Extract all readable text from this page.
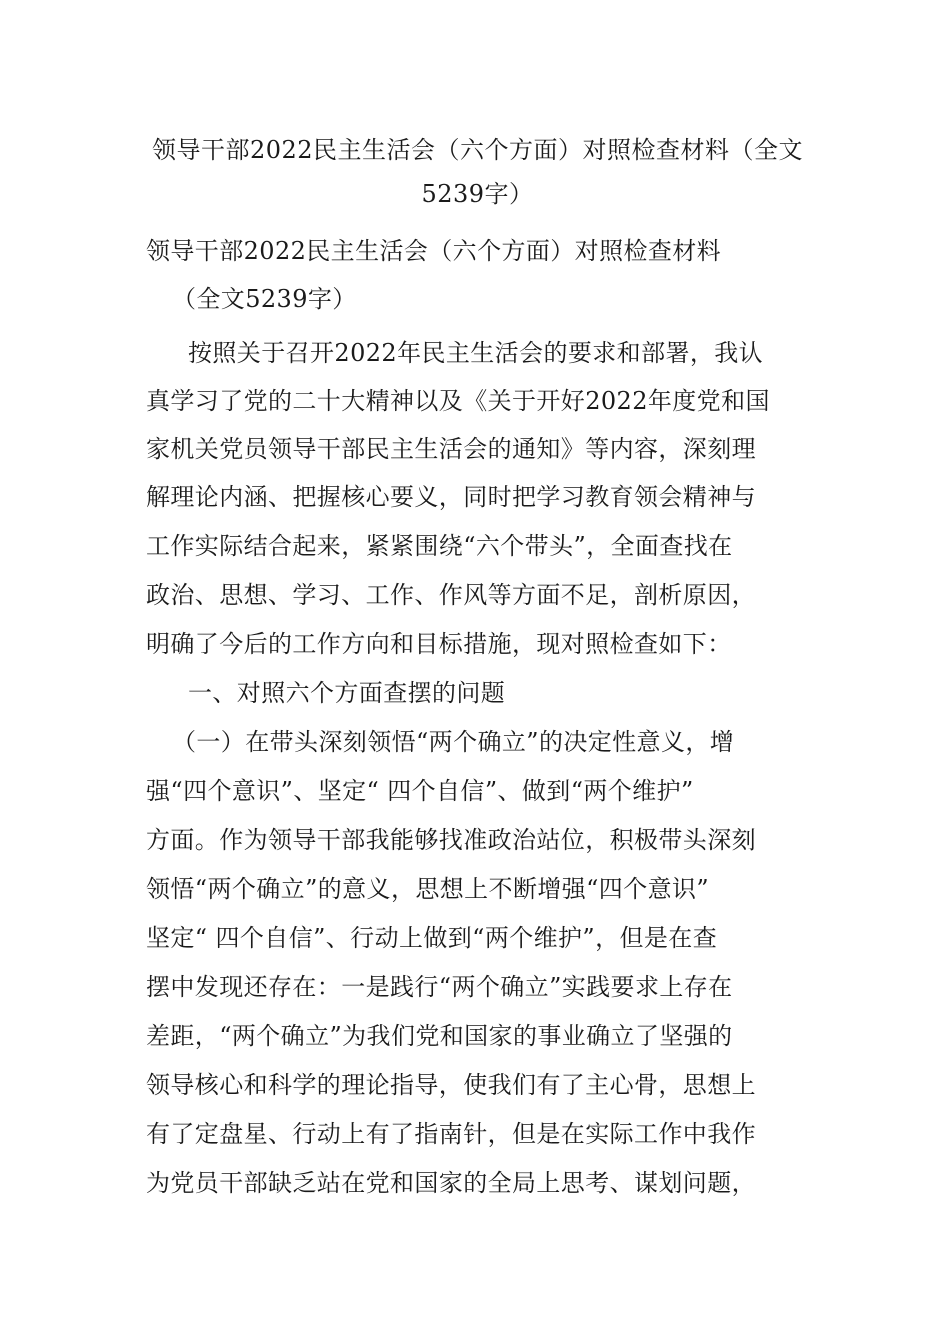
领导干部2022民主生活会（六个方面）对照检查材料（全文5239字）
领导干部2022民主生活会（六个方面）对照检查材料
（全文5239字）
按照关于召开2022年民主生活会的要求和部署，我认
真学习了党的二十大精神以及《关于开好2022年度党和国
家机关党员领导干部民主生活会的通知》等内容，深刻理
解理论内涵、把握核心要义，同时把学习教育领会精神与
工作实际结合起来，紧紧围绕“六个带头”，全面查找在
政治、思想、学习、工作、作风等方面不足，剖析原因，
明确了今后的工作方向和目标措施，现对照检查如下：
一、对照六个方面查摆的问题
（一）在带头深刻领悟“两个确立”的决定性意义，增
强“四个意识”、坚定“ 四个自信”、做到“两个维护”
方面。作为领导干部我能够找准政治站位，积极带头深刻
领悟“两个确立”的意义，思想上不断增强“四个意识”
坚定“ 四个自信”、行动上做到“两个维护”，但是在查
摆中发现还存在：一是践行“两个确立”实践要求上存在
差距，“两个确立”为我们党和国家的事业确立了坚强的
领导核心和科学的理论指导，使我们有了主心骨，思想上
有了定盘星、行动上有了指南针，但是在实际工作中我作
为党员干部缺乏站在党和国家的全局上思考、谋划问题，
